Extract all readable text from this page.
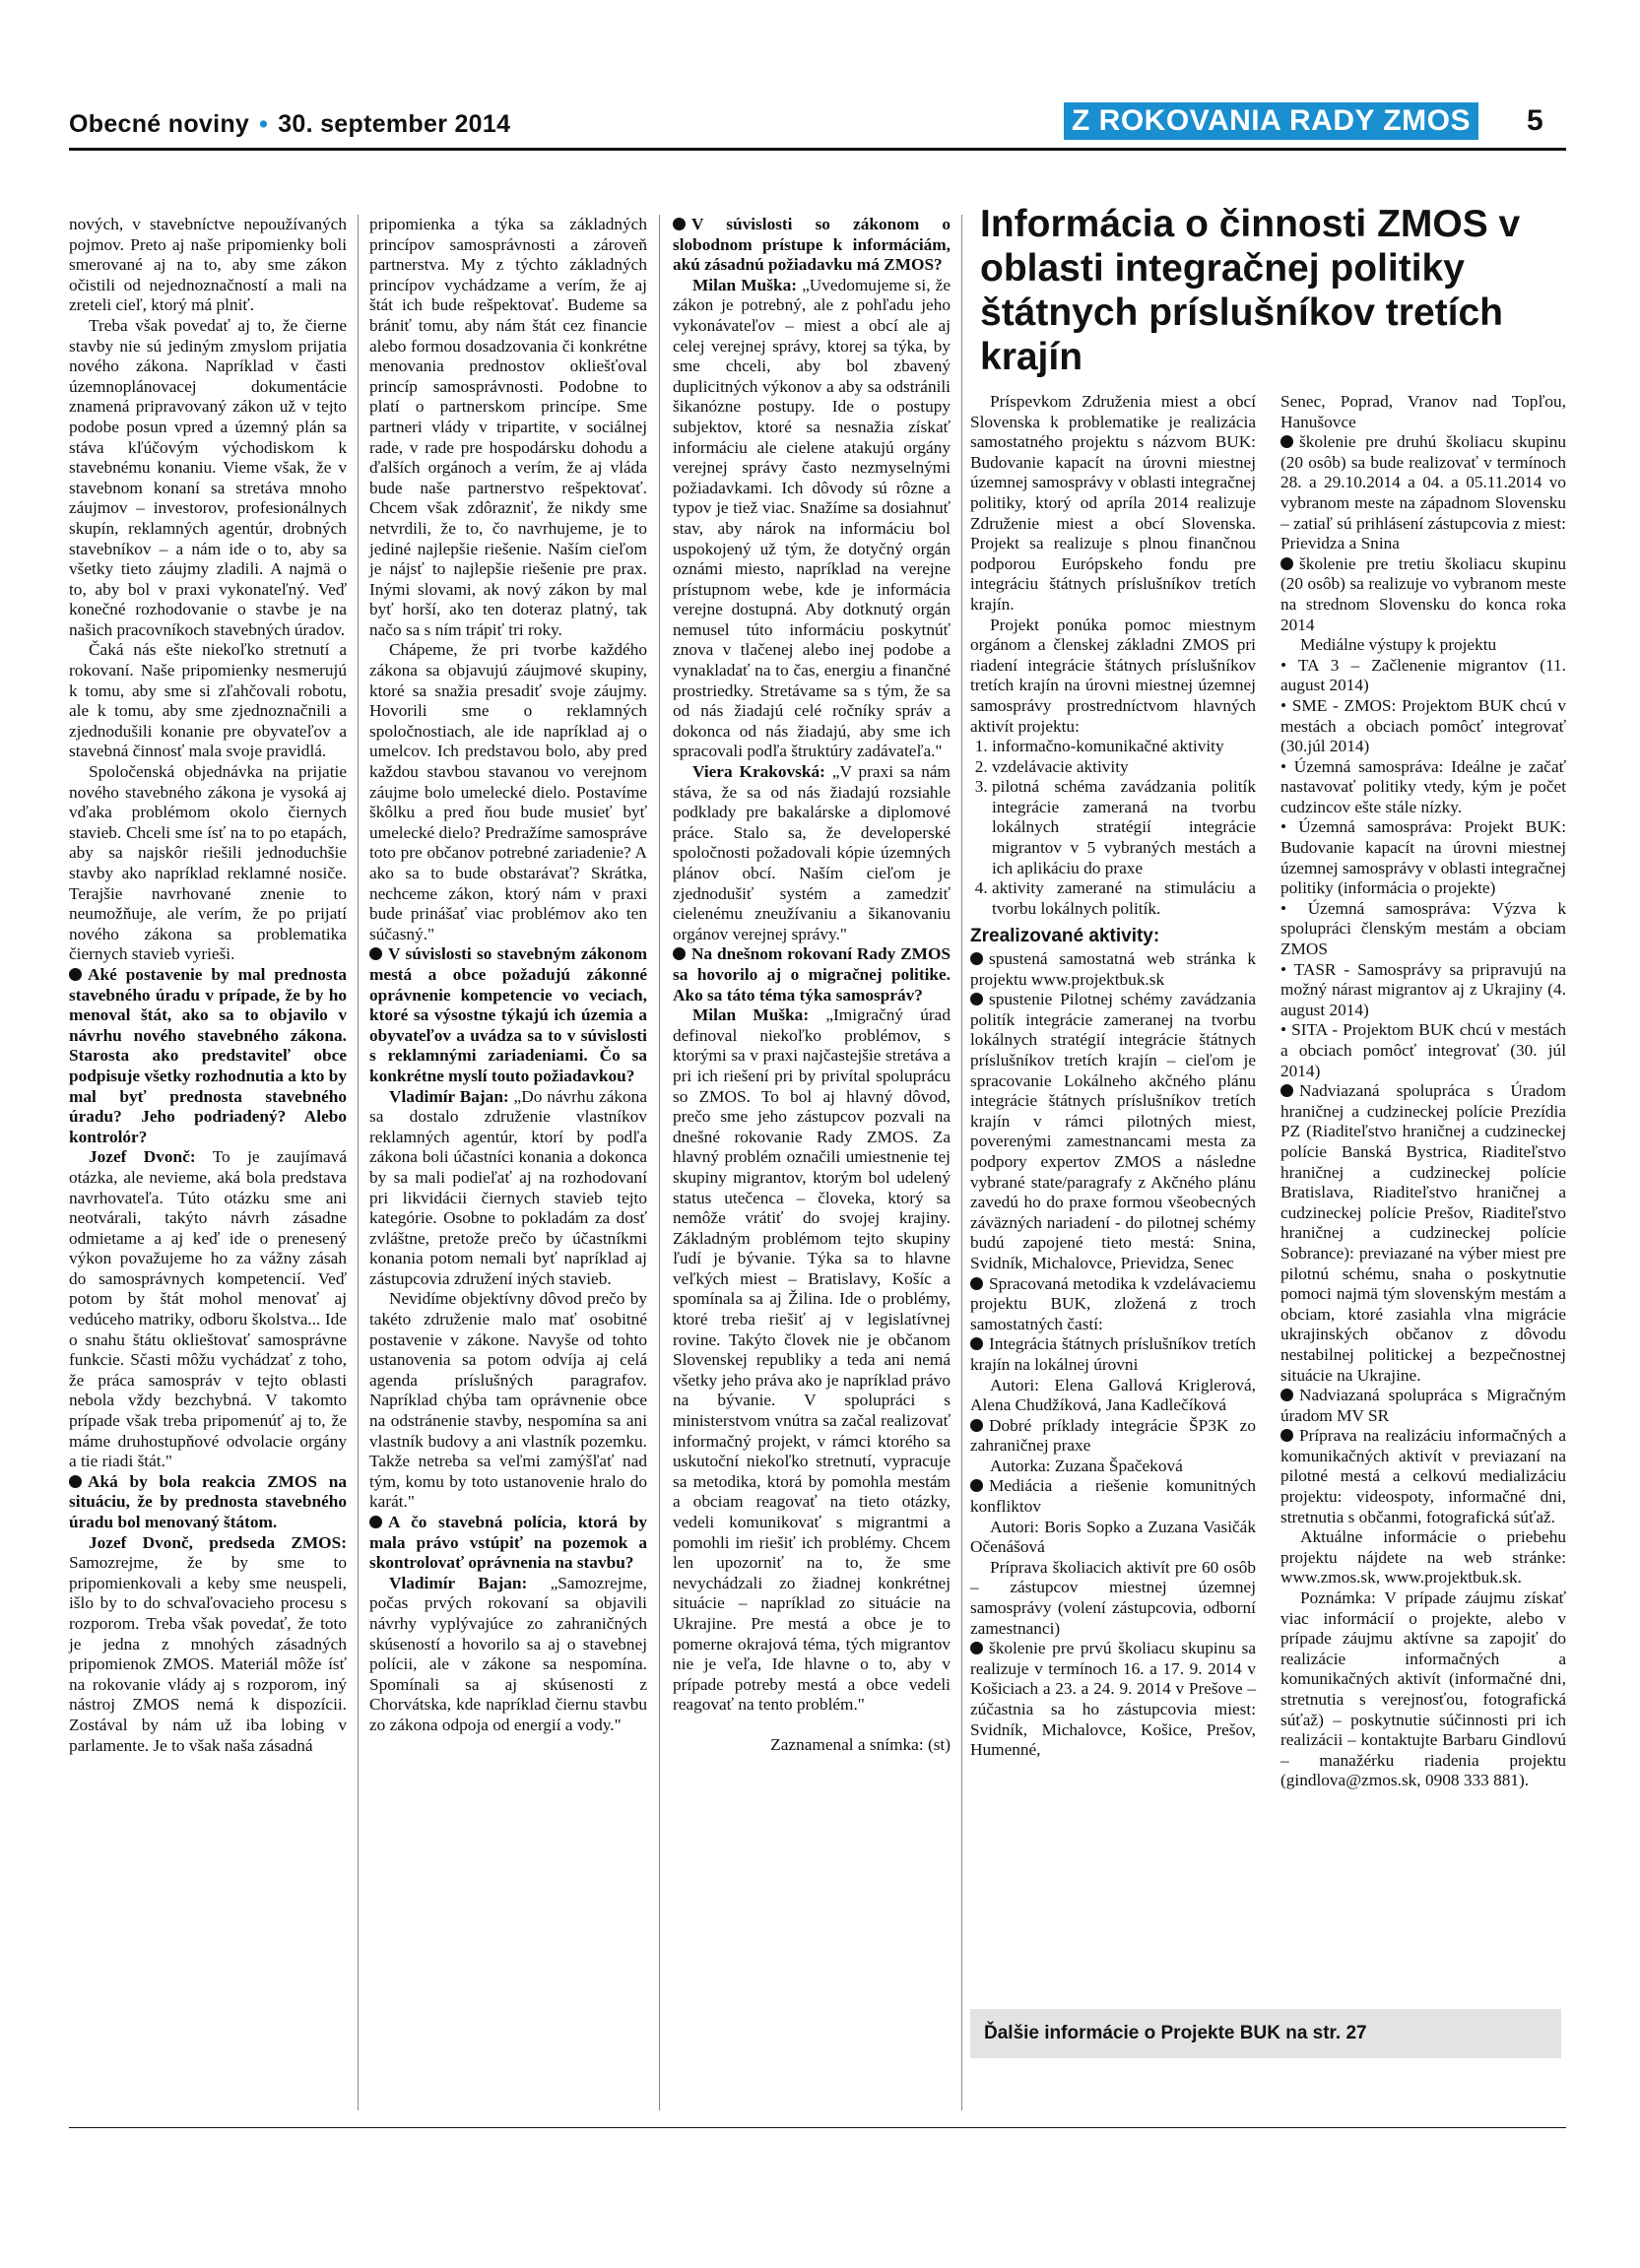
Obecné noviny • 30. september 2014	Z ROKOVANIA RADY ZMOS 5

nových, v stavebníctve nepoužívaných pojmov. Preto aj naše pripomienky boli smerované aj na to, aby sme zákon očistili od nejednoznačností a mali na zreteli cieľ, ktorý má plniť.

Treba však povedať aj to, že čierne stavby nie sú jediným zmyslom prijatia nového zákona. Napríklad v časti územnoplánovacej dokumentácie znamená pripravovaný zákon už v tejto podobe posun vpred a územný plán sa stáva kľúčovým východiskom k stavebnému konaniu. Vieme však, že v stavebnom konaní sa stretáva mnoho záujmov – investorov, profesionálnych skupín, reklamných agentúr, drobných stavebníkov – a nám ide o to, aby sa všetky tieto záujmy zladili. A najmä o to, aby bol v praxi vykonateľný. Veď konečné rozhodovanie o stavbe je na našich pracovníkoch stavebných úradov.

Čaká nás ešte niekoľko stretnutí a rokovaní. Naše pripomienky nesmerujú k tomu, aby sme si zľahčovali robotu, ale k tomu, aby sme zjednoznačnili a zjednodušili konanie pre obyvateľov a stavebná činnosť mala svoje pravidlá.

Spoločenská objednávka na prijatie nového stavebného zákona je vysoká aj vďaka problémom okolo čiernych stavieb. Chceli sme ísť na to po etapách, aby sa najskôr riešili jednoduchšie stavby ako napríklad reklamné nosiče. Terajšie navrhované znenie to neumožňuje, ale verím, že po prijatí nového zákona sa problematika čiernych stavieb vyrieši.

Aké postavenie by mal prednosta stavebného úradu v prípade, že by ho menoval štát, ako sa to objavilo v návrhu nového stavebného zákona. Starosta ako predstaviteľ obce podpisuje všetky rozhodnutia a kto by mal byť prednosta stavebného úradu? Jeho podriadený? Alebo kontrolór?

Jozef Dvonč: To je zaujímavá otázka, ale nevieme, aká bola predstava navrhovateľa. Túto otázku sme ani neotvárali, takýto návrh zásadne odmietame a aj keď ide o prenesený výkon považujeme ho za vážny zásah do samosprávnych kompetencií. Veď potom by štát mohol menovať aj vedúceho matriky, odboru školstva... Ide o snahu štátu oklieštovať samosprávne funkcie. Sčasti môžu vychádzať z toho, že práca samospráv v tejto oblasti nebola vždy bezchybná. V takomto prípade však treba pripomenúť aj to, že máme druhostupňové odvolacie orgány a tie riadi štát."

Aká by bola reakcia ZMOS na situáciu, že by prednosta stavebného úradu bol menovaný štátom.

Jozef Dvonč, predseda ZMOS: Samozrejme, že by sme to pripomienkovali a keby sme neuspeli, išlo by to do schvaľovacieho procesu s rozporom. Treba však povedať, že toto je jedna z mnohých zásadných pripomienok ZMOS. Materiál môže ísť na rokovanie vlády aj s rozporom, iný nástroj ZMOS nemá k dispozícii. Zostával by nám už iba lobing v parlamente. Je to však naša zásadná

pripomienka a týka sa základných princípov samosprávnosti a zároveň partnerstva. My z týchto základných princípov vychádzame a verím, že aj štát ich bude rešpektovať. Budeme sa brániť tomu, aby nám štát cez financie alebo formou dosadzovania či konkrétne menovania prednostov okliešťoval princíp samosprávnosti. Podobne to platí o partnerskom princípe. Sme partneri vlády v tripartite, v sociálnej rade, v rade pre hospodársku dohodu a ďalších orgánoch a verím, že aj vláda bude naše partnerstvo rešpektovať. Chcem však zdôrazniť, že nikdy sme netvrdili, že to, čo navrhujeme, je to jediné najlepšie riešenie. Naším cieľom je nájsť to najlepšie riešenie pre prax. Inými slovami, ak nový zákon by mal byť horší, ako ten doteraz platný, tak načo sa s ním trápiť tri roky.

Chápeme, že pri tvorbe každého zákona sa objavujú záujmové skupiny, ktoré sa snažia presadiť svoje záujmy. Hovorili sme o reklamných spoločnostiach, ale ide napríklad aj o umelcov. Ich predstavou bolo, aby pred každou stavbou stavanou vo verejnom záujme bolo umelecké dielo. Postavíme škôlku a pred ňou bude musieť byť umelecké dielo? Predražíme samospráve toto pre občanov potrebné zariadenie? A ako sa to bude obstarávať? Skrátka, nechceme zákon, ktorý nám v praxi bude prinášať viac problémov ako ten súčasný."

V súvislosti so stavebným zákonom mestá a obce požadujú zákonné oprávnenie kompetencie vo veciach, ktoré sa výsostne týkajú ich územia a obyvateľov a uvádza sa to v súvislosti s reklamnými zariadeniami. Čo sa konkrétne myslí touto požiadavkou?

Vladimír Bajan: „Do návrhu zákona sa dostalo združenie vlastníkov reklamných agentúr, ktorí by podľa zákona boli účastníci konania a dokonca by sa mali podieľať aj na rozhodovaní pri likvidácii čiernych stavieb tejto kategórie. Osobne to pokladám za dosť zvláštne, pretože prečo by účastníkmi konania potom nemali byť napríklad aj zástupcovia združení iných stavieb.

Nevidíme objektívny dôvod prečo by takéto združenie malo mať osobitné postavenie v zákone. Navyše od tohto ustanovenia sa potom odvíja aj celá agenda príslušných paragrafov. Napríklad chýba tam oprávnenie obce na odstránenie stavby, nespomína sa ani vlastník budovy a ani vlastník pozemku. Takže netreba sa veľmi zamýšľať nad tým, komu by toto ustanovenie hralo do karát."

A čo stavebná polícia, ktorá by mala právo vstúpiť na pozemok a skontrolovať oprávnenia na stavbu?

Vladimír Bajan: „Samozrejme, počas prvých rokovaní sa objavili návrhy vyplývajúce zo zahraničných skúseností a hovorilo sa aj o stavebnej polícii, ale v zákone sa nespomína. Spomínali sa aj skúsenosti z Chorvátska, kde napríklad čiernu stavbu zo zákona odpoja od energií a vody."

V súvislosti so zákonom o slobodnom prístupe k informáciám, akú zásadnú požiadavku má ZMOS?

Milan Muška: „Uvedomujeme si, že zákon je potrebný, ale z pohľadu jeho vykonávateľov – miest a obcí ale aj celej verejnej správy, ktorej sa týka, by sme chceli, aby bol zbavený duplicitných výkonov a aby sa odstránili šikanózne postupy. Ide o postupy subjektov, ktoré sa nesnažia získať informáciu ale cielene atakujú orgány verejnej správy často nezmyselnými požiadavkami. Ich dôvody sú rôzne a typov je tiež viac. Snažíme sa dosiahnuť stav, aby nárok na informáciu bol uspokojený už tým, že dotyčný orgán oznámi miesto, napríklad na verejne prístupnom webe, kde je informácia verejne dostupná. Aby dotknutý orgán nemusel túto informáciu poskytnúť znova v tlačenej alebo inej podobe a vynakladať na to čas, energiu a finančné prostriedky. Stretávame sa s tým, že sa od nás žiadajú celé ročníky správ a dokonca od nás žiadajú, aby sme ich spracovali podľa štruktúry zadávateľa."

Viera Krakovská: „V praxi sa nám stáva, že sa od nás žiadajú rozsiahle podklady pre bakalárske a diplomové práce. Stalo sa, že developerské spoločnosti požadovali kópie územných plánov obcí. Naším cieľom je zjednodušiť systém a zamedziť cielenému zneužívaniu a šikanovaniu orgánov verejnej správy."

Na dnešnom rokovaní Rady ZMOS sa hovorilo aj o migračnej politike. Ako sa táto téma týka samospráv?

Milan Muška: „Imigračný úrad definoval niekoľko problémov, s ktorými sa v praxi najčastejšie stretáva a pri ich riešení pri by privítal spoluprácu so ZMOS. To bol aj hlavný dôvod, prečo sme jeho zástupcov pozvali na dnešné rokovanie Rady ZMOS. Za hlavný problém označili umiestnenie tej skupiny migrantov, ktorým bol udelený status utečenca – človeka, ktorý sa nemôže vrátiť do svojej krajiny. Základným problémom tejto skupiny ľudí je bývanie. Týka sa to hlavne veľkých miest – Bratislavy, Košíc a spomínala sa aj Žilina. Ide o problémy, ktoré treba riešiť aj v legislatívnej rovine. Takýto človek nie je občanom Slovenskej republiky a teda ani nemá všetky jeho práva ako je napríklad právo na bývanie. V spolupráci s ministerstvom vnútra sa začal realizovať informačný projekt, v rámci ktorého sa uskutoční niekoľko stretnutí, vypracuje sa metodika, ktorá by pomohla mestám a obciam reagovať na tieto otázky, vedeli komunikovať s migrantmi a pomohli im riešiť ich problémy. Chcem len upozorniť na to, že sme nevychádzali zo žiadnej konkrétnej situácie – napríklad zo situácie na Ukrajine. Pre mestá a obce je to pomerne okrajová téma, tých migrantov nie je veľa, Ide hlavne o to, aby v prípade potreby mestá a obce vedeli reagovať na tento problém."

Zaznamenal a snímka: (st)

Informácia o činnosti ZMOS v oblasti integračnej politiky štátnych príslušníkov tretích krajín

Príspevkom Združenia miest a obcí Slovenska k problematike je realizácia samostatného projektu s názvom BUK: Budovanie kapacít na úrovni miestnej územnej samosprávy v oblasti integračnej politiky, ktorý od apríla 2014 realizuje Združenie miest a obcí Slovenska. Projekt sa realizuje s plnou finančnou podporou Európskeho fondu pre integráciu štátnych príslušníkov tretích krajín.

Projekt ponúka pomoc miestnym orgánom a členskej základni ZMOS pri riadení integrácie štátnych príslušníkov tretích krajín na úrovni miestnej územnej samosprávy prostredníctvom hlavných aktivít projektu:

1. informačno-komunikačné aktivity
2. vzdelávacie aktivity
3. pilotná schéma zavádzania politík integrácie zameraná na tvorbu lokálnych stratégií integrácie migrantov v 5 vybraných mestách a ich aplikáciu do praxe
4. aktivity zamerané na stimuláciu a tvorbu lokálnych politík.
Zrealizované aktivity:

spustená samostatná web stránka k projektu www.projektbuk.sk

spustenie Pilotnej schémy zavádzania politík integrácie zameranej na tvorbu lokálnych stratégií integrácie štátnych príslušníkov tretích krajín – cieľom je spracovanie Lokálneho akčného plánu integrácie štátnych príslušníkov tretích krajín v rámci pilotných miest, poverenými zamestnancami mesta za podpory expertov ZMOS a následne vybrané state/paragrafy z Akčného plánu zavedú ho do praxe formou všeobecných záväzných nariadení - do pilotnej schémy budú zapojené tieto mestá: Snina, Svidník, Michalovce, Prievidza, Senec

Spracovaná metodika k vzdelávaciemu projektu BUK, zložená z troch samostatných častí:

Integrácia štátnych príslušníkov tretích krajín na lokálnej úrovni

Autori: Elena Gallová Kriglerová, Alena Chudžíková, Jana Kadlečíková

Dobré príklady integrácie ŠP3K zo zahraničnej praxe

Autorka: Zuzana Špačeková

Mediácia a riešenie komunitných konfliktov

Autori: Boris Sopko a Zuzana Vasičák Očenášová

Príprava školiacich aktivít pre 60 osôb – zástupcov miestnej územnej samosprávy (volení zástupcovia, odborní zamestnanci)

školenie pre prvú školiacu skupinu sa realizuje v termínoch 16. a 17. 9. 2014 v Košiciach a 23. a 24. 9. 2014 v Prešove – zúčastnia sa ho zástupcovia miest: Svidník, Michalovce, Košice, Prešov, Humenné,

Senec, Poprad, Vranov nad Topľou, Hanušovce

školenie pre druhú školiacu skupinu (20 osôb) sa bude realizovať v termínoch 28. a 29.10.2014 a 04. a 05.11.2014 vo vybranom meste na západnom Slovensku – zatiaľ sú prihlásení zástupcovia z miest: Prievidza a Snina

školenie pre tretiu školiacu skupinu (20 osôb) sa realizuje vo vybranom meste na strednom Slovensku do konca roka 2014

Mediálne výstupy k projektu

• TA 3 – Začlenenie migrantov (11. august 2014)

• SME - ZMOS: Projektom BUK chcú v mestách a obciach pomôcť integrovať (30.júl 2014)

• Územná samospráva: Ideálne je začať nastavovať politiky vtedy, kým je počet cudzincov ešte stále nízky.

• Územná samospráva: Projekt BUK: Budovanie kapacít na úrovni miestnej územnej samosprávy v oblasti integračnej politiky (informácia o projekte)

• Územná samospráva: Výzva k spolupráci členským mestám a obciam ZMOS

• TASR - Samosprávy sa pripravujú na možný nárast migrantov aj z Ukrajiny (4. august 2014)

• SITA - Projektom BUK chcú v mestách a obciach pomôcť integrovať (30. júl 2014)

Nadviazaná spolupráca s Úradom hraničnej a cudzineckej polície Prezídia PZ (Riaditeľstvo hraničnej a cudzineckej polície Banská Bystrica, Riaditeľstvo hraničnej a cudzineckej polície Bratislava, Riaditeľstvo hraničnej a cudzineckej polície Prešov, Riaditeľstvo hraničnej a cudzineckej polície Sobrance): previazané na výber miest pre pilotnú schému, snaha o poskytnutie pomoci najmä tým slovenským mestám a obciam, ktoré zasiahla vlna migrácie ukrajinských občanov z dôvodu nestabilnej politickej a bezpečnostnej situácie na Ukrajine.

Nadviazaná spolupráca s Migračným úradom MV SR

Príprava na realizáciu informačných a komunikačných aktivít v previazaní na pilotné mestá a celkovú medializáciu projektu: videospoty, informačné dni, stretnutia s občanmi, fotografická súťaž.

Aktuálne informácie o priebehu projektu nájdete na web stránke: www.zmos.sk, www.projektbuk.sk.

Poznámka: V prípade záujmu získať viac informácií o projekte, alebo v prípade záujmu aktívne sa zapojiť do realizácie informačných a komunikačných aktivít (informačné dni, stretnutia s verejnosťou, fotografická súťaž) – poskytnutie súčinnosti pri ich realizácii – kontaktujte Barbaru Gindlovú – manažérku riadenia projektu (gindlova@zmos.sk, 0908 333 881).

Ďalšie informácie o Projekte BUK na str. 27
